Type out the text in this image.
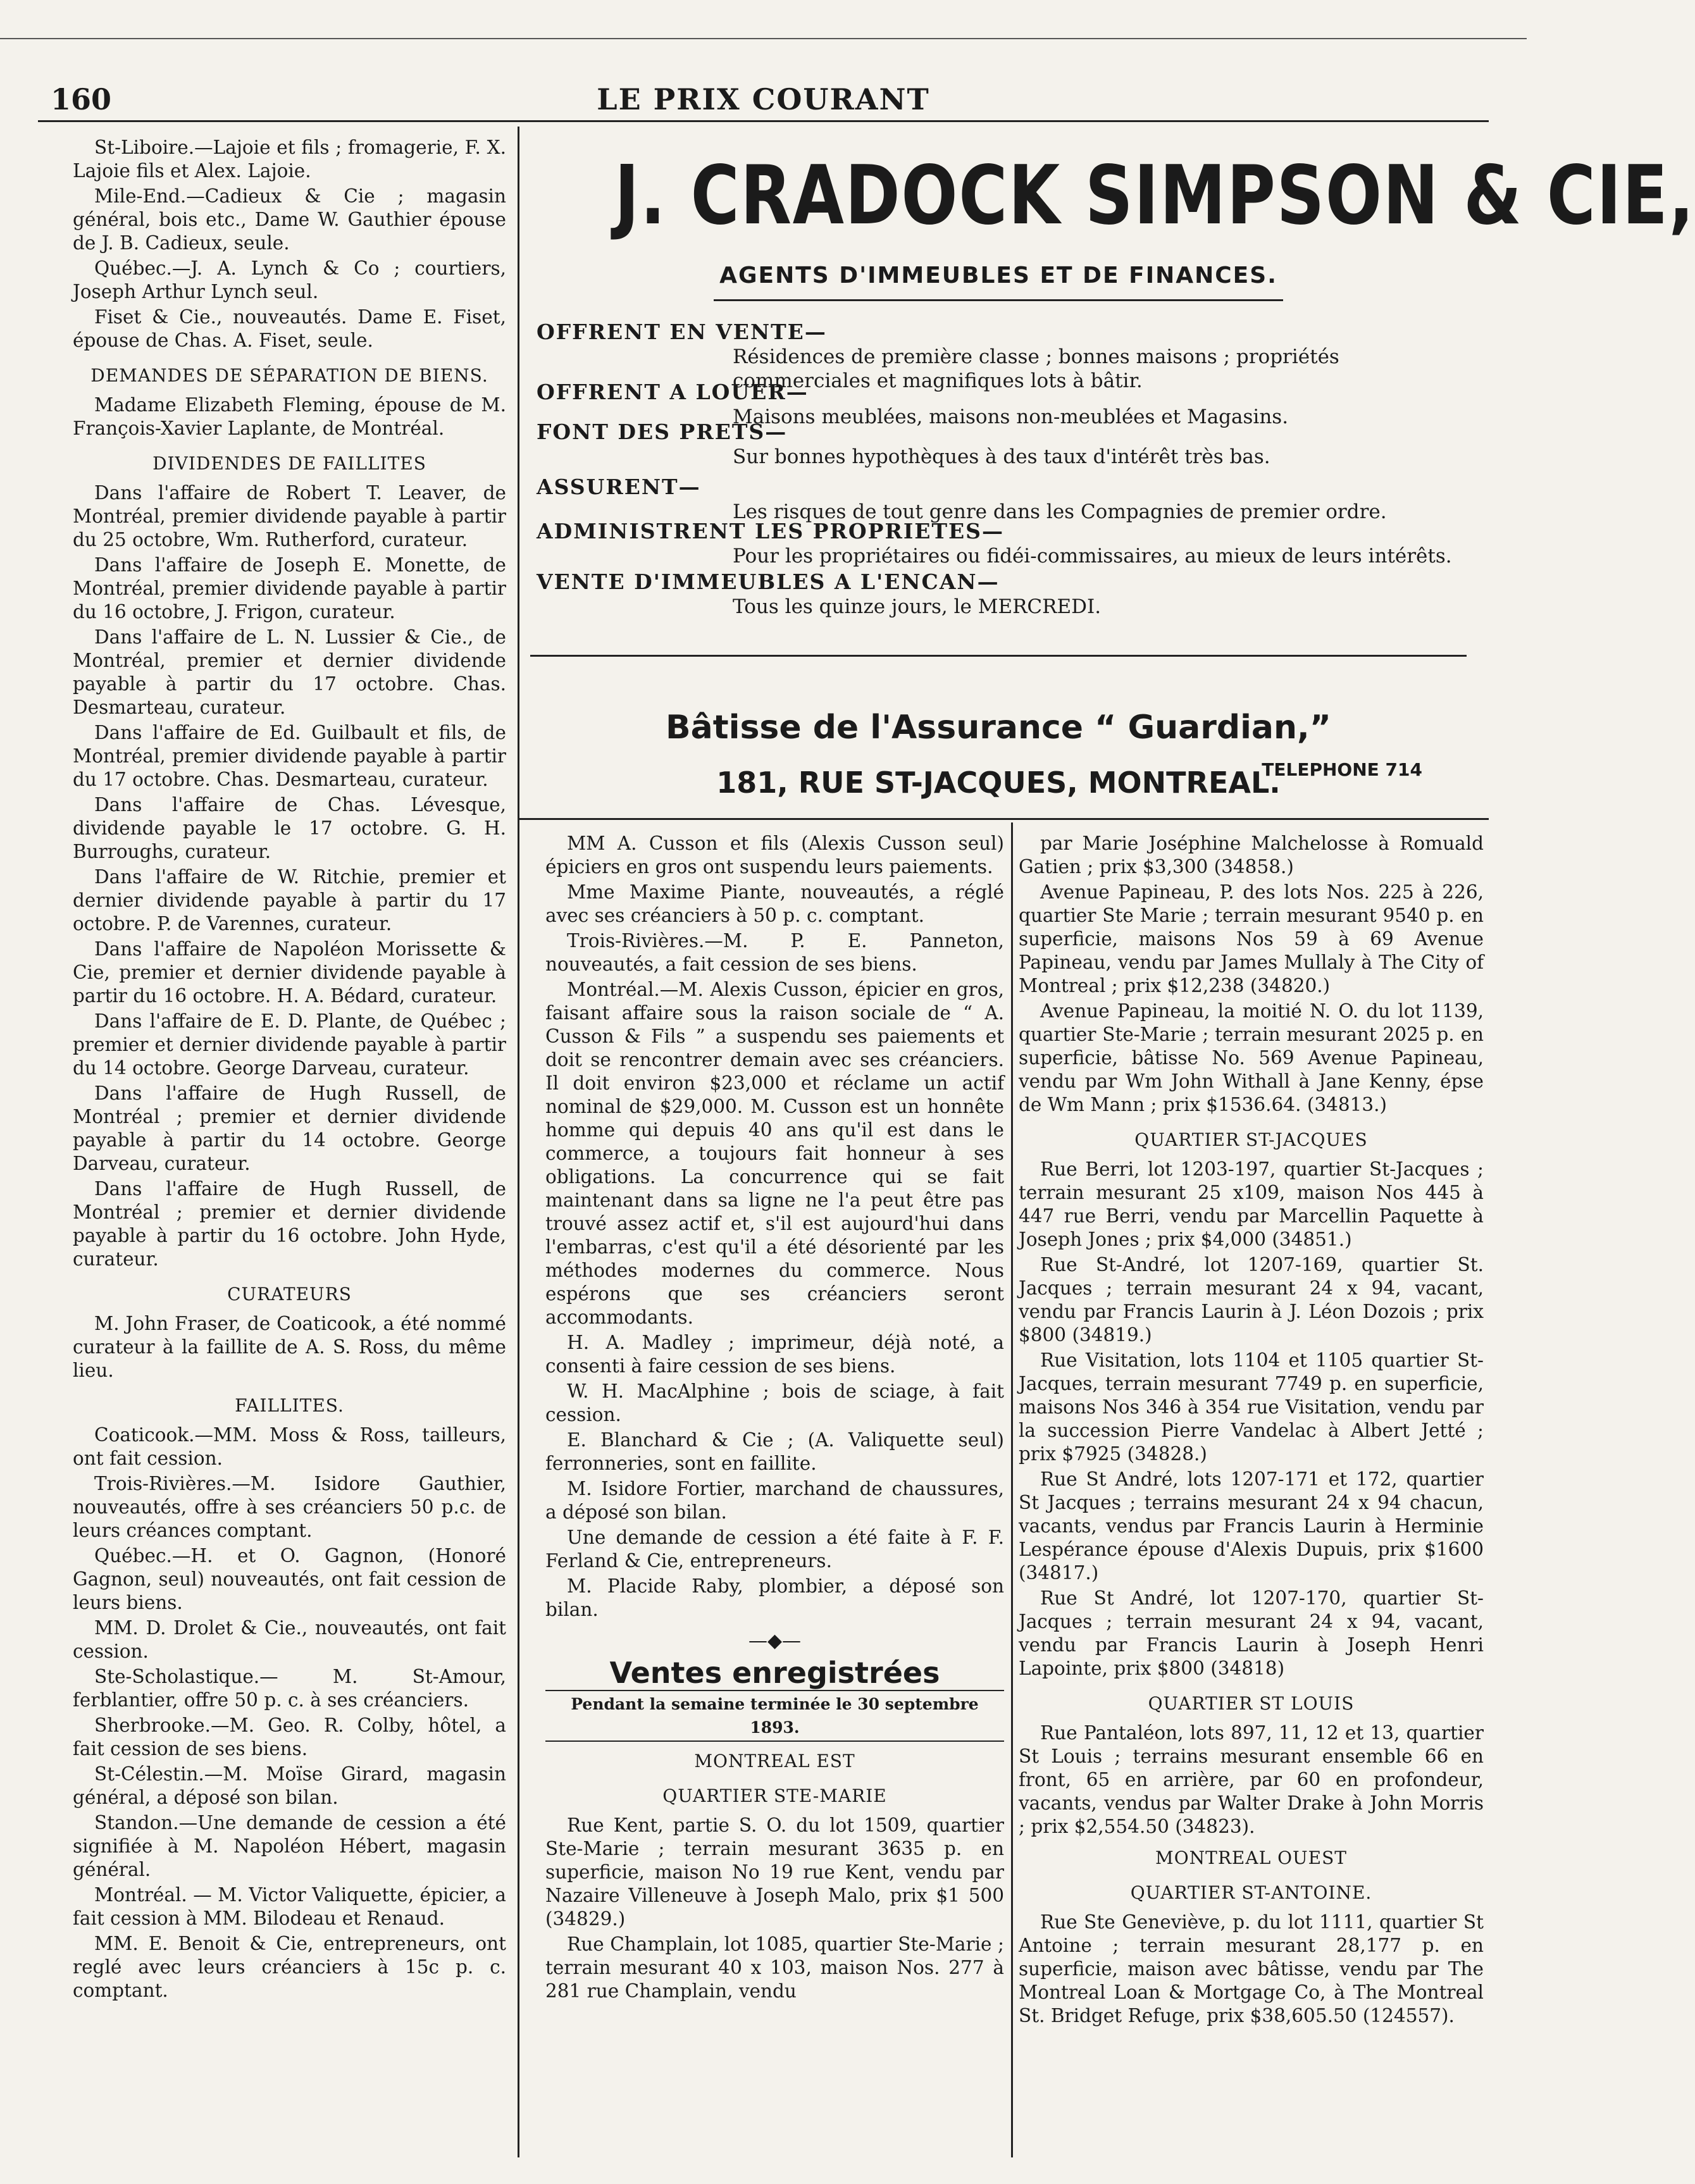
160	LE PRIX COURANT
St-Liboire.—Lajoie et fils ; fromagerie, F. X. Lajoie fils et Alex. Lajoie.
Mile-End.—Cadieux & Cie ; magasin général, bois etc., Dame W. Gauthier épouse de J. B. Cadieux, seule.
Québec.—J. A. Lynch & Co ; courtiers, Joseph Arthur Lynch seul.
Fiset & Cie., nouveautés. Dame E. Fiset, épouse de Chas. A. Fiset, seule.
DEMANDES DE SÉPARATION DE BIENS.
Madame Elizabeth Fleming, épouse de M. François-Xavier Laplante, de Montréal.
DIVIDENDES DE FAILLITES
Dans l'affaire de Robert T. Leaver, de Montréal, premier dividende payable à partir du 25 octobre, Wm. Rutherford, curateur.
Dans l'affaire de Joseph E. Monette, de Montréal, premier dividende payable à partir du 16 octobre, J. Frigon, curateur.
Dans l'affaire de L. N. Lussier & Cie., de Montréal, premier et dernier dividende payable à partir du 17 octobre. Chas. Desmarteau, curateur.
Dans l'affaire de Ed. Guilbault et fils, de Montréal, premier dividende payable à partir du 17 octobre. Chas. Desmarteau, curateur.
Dans l'affaire de Chas. Lévesque, dividende payable le 17 octobre. G. H. Burroughs, curateur.
Dans l'affaire de W. Ritchie, premier et dernier dividende payable à partir du 17 octobre. P. de Varennes, curateur.
Dans l'affaire de Napoléon Morissette & Cie, premier et dernier dividende payable à partir du 16 octobre. H. A. Bédard, curateur.
Dans l'affaire de E. D. Plante, de Québec ; premier et dernier dividende payable à partir du 14 octobre. George Darveau, curateur.
Dans l'affaire de Hugh Russell, de Montréal ; premier et dernier dividende payable à partir du 14 octobre. George Darveau, curateur.
Dans l'affaire de Hugh Russell, de Montréal ; premier et dernier dividende payable à partir du 16 octobre. John Hyde, curateur.
CURATEURS
M. John Fraser, de Coaticook, a été nommé curateur à la faillite de A. S. Ross, du même lieu.
FAILLITES.
Coaticook.—MM. Moss & Ross, tailleurs, ont fait cession.
Trois-Rivières.—M. Isidore Gauthier, nouveautés, offre à ses créanciers 50 p.c. de leurs créances comptant.
Québec.—H. et O. Gagnon, (Honoré Gagnon, seul) nouveautés, ont fait cession de leurs biens.
MM. D. Drolet & Cie., nouveautés, ont fait cession.
Ste-Scholastique.— M. St-Amour, ferblantier, offre 50 p. c. à ses créanciers.
Sherbrooke.—M. Geo. R. Colby, hôtel, a fait cession de ses biens.
St-Célestin.—M. Moïse Girard, magasin général, a déposé son bilan.
Standon.—Une demande de cession a été signifiée à M. Napoléon Hébert, magasin général.
Montréal. — M. Victor Valiquette, épicier, a fait cession à MM. Bilodeau et Renaud.
MM. E. Benoit & Cie, entrepreneurs, ont reglé avec leurs créanciers à 15c p. c. comptant.
J. CRADOCK SIMPSON & CIE,
AGENTS D'IMMEUBLES ET DE FINANCES.
OFFRENT EN VENTE—
Résidences de première classe ; bonnes maisons ; propriétés commerciales et magnifiques lots à bâtir.
OFFRENT A LOUER—
Maisons meublées, maisons non-meublées et Magasins.
FONT DES PRETS—
Sur bonnes hypothèques à des taux d'intérêt très bas.
ASSURENT—
Les risques de tout genre dans les Compagnies de premier ordre.
ADMINISTRENT LES PROPRIETES—
Pour les propriétaires ou fidéi-commissaires, au mieux de leurs intérêts.
VENTE D'IMMEUBLES A L'ENCAN—
Tous les quinze jours, le MERCREDI.
Bâtisse de l'Assurance “ Guardian,”
TELEPHONE 714
181, RUE ST-JACQUES, MONTREAL.
MM A. Cusson et fils (Alexis Cusson seul) épiciers en gros ont suspendu leurs paiements.
Mme Maxime Piante, nouveautés, a réglé avec ses créanciers à 50 p. c. comptant.
Trois-Rivières.—M. P. E. Panneton, nouveautés, a fait cession de ses biens.
Montréal.—M. Alexis Cusson, épicier en gros, faisant affaire sous la raison sociale de “ A. Cusson & Fils ” a suspendu ses paiements et doit se rencontrer demain avec ses créanciers. Il doit environ $23,000 et réclame un actif nominal de $29,000. M. Cusson est un honnête homme qui depuis 40 ans qu'il est dans le commerce, a toujours fait honneur à ses obligations. La concurrence qui se fait maintenant dans sa ligne ne l'a peut être pas trouvé assez actif et, s'il est aujourd'hui dans l'embarras, c'est qu'il a été désorienté par les méthodes modernes du commerce. Nous espérons que ses créanciers seront accommodants.
H. A. Madley ; imprimeur, déjà noté, a consenti à faire cession de ses biens.
W. H. MacAlphine ; bois de sciage, à fait cession.
E. Blanchard & Cie ; (A. Valiquette seul) ferronneries, sont en faillite.
M. Isidore Fortier, marchand de chaussures, a déposé son bilan.
Une demande de cession a été faite à F. F. Ferland & Cie, entrepreneurs.
M. Placide Raby, plombier, a déposé son bilan.
—◆—
Ventes enregistrées
Pendant la semaine terminée le 30 septembre 1893.
MONTREAL EST
QUARTIER STE-MARIE
Rue Kent, partie S. O. du lot 1509, quartier Ste-Marie ; terrain mesurant 3635 p. en superficie, maison No 19 rue Kent, vendu par Nazaire Villeneuve à Joseph Malo, prix $1 500 (34829.)
Rue Champlain, lot 1085, quartier Ste-Marie ; terrain mesurant 40 x 103, maison Nos. 277 à 281 rue Champlain, vendu
par Marie Joséphine Malchelosse à Romuald Gatien ; prix $3,300 (34858.)
Avenue Papineau, P. des lots Nos. 225 à 226, quartier Ste Marie ; terrain mesurant 9540 p. en superficie, maisons Nos 59 à 69 Avenue Papineau, vendu par James Mullaly à The City of Montreal ; prix $12,238 (34820.)
Avenue Papineau, la moitié N. O. du lot 1139, quartier Ste-Marie ; terrain mesurant 2025 p. en superficie, bâtisse No. 569 Avenue Papineau, vendu par Wm John Withall à Jane Kenny, épse de Wm Mann ; prix $1536.64. (34813.)
QUARTIER ST-JACQUES
Rue Berri, lot 1203-197, quartier St-Jacques ; terrain mesurant 25 x109, maison Nos 445 à 447 rue Berri, vendu par Marcellin Paquette à Joseph Jones ; prix $4,000 (34851.)
Rue St-André, lot 1207-169, quartier St. Jacques ; terrain mesurant 24 x 94, vacant, vendu par Francis Laurin à J. Léon Dozois ; prix $800 (34819.)
Rue Visitation, lots 1104 et 1105 quartier St-Jacques, terrain mesurant 7749 p. en superficie, maisons Nos 346 à 354 rue Visitation, vendu par la succession Pierre Vandelac à Albert Jetté ; prix $7925 (34828.)
Rue St André, lots 1207-171 et 172, quartier St Jacques ; terrains mesurant 24 x 94 chacun, vacants, vendus par Francis Laurin à Herminie Lespérance épouse d'Alexis Dupuis, prix $1600 (34817.)
Rue St André, lot 1207-170, quartier St-Jacques ; terrain mesurant 24 x 94, vacant, vendu par Francis Laurin à Joseph Henri Lapointe, prix $800 (34818)
QUARTIER ST LOUIS
Rue Pantaléon, lots 897, 11, 12 et 13, quartier St Louis ; terrains mesurant ensemble 66 en front, 65 en arrière, par 60 en profondeur, vacants, vendus par Walter Drake à John Morris ; prix $2,554.50 (34823).
MONTREAL OUEST
QUARTIER ST-ANTOINE.
Rue Ste Geneviève, p. du lot 1111, quartier St Antoine ; terrain mesurant 28,177 p. en superficie, maison avec bâtisse, vendu par The Montreal Loan & Mortgage Co, à The Montreal St. Bridget Refuge, prix $38,605.50 (124557).
